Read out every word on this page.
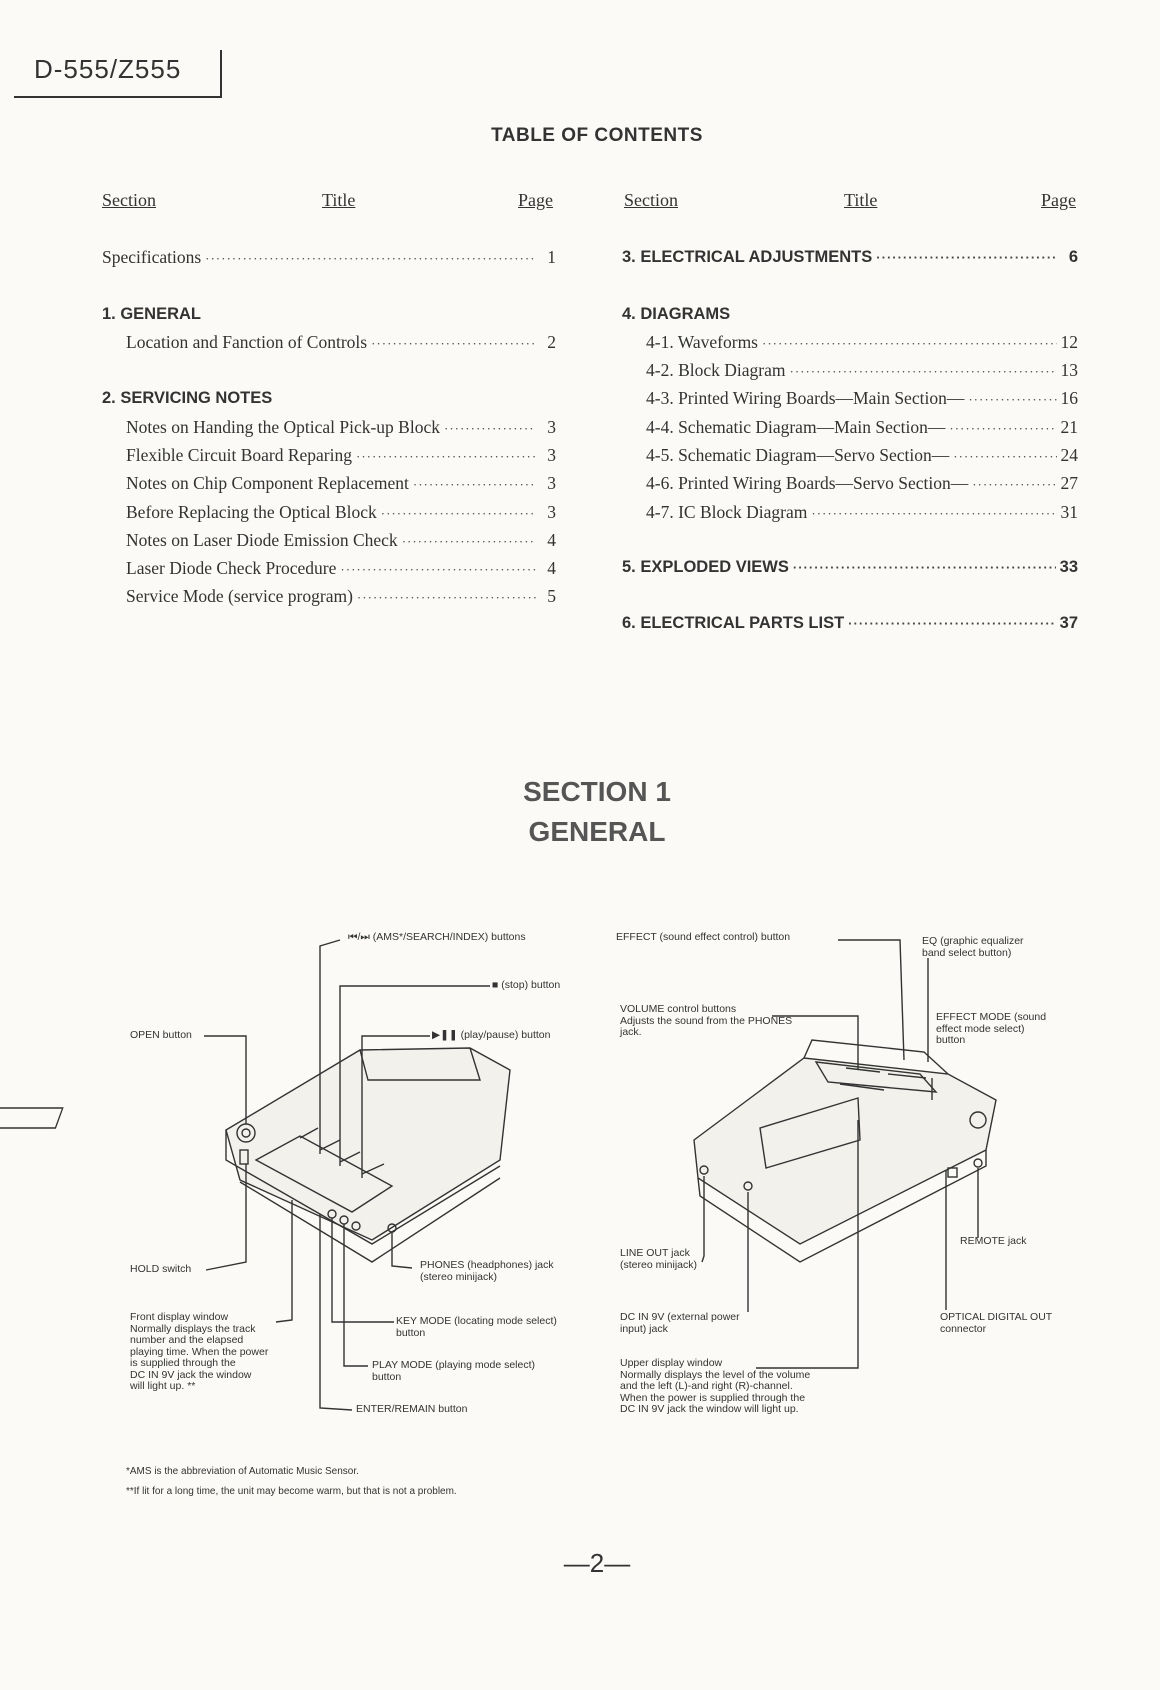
D-555/Z555
TABLE OF CONTENTS
Section	Title	Page	Section	Title	Page
Specifications ·····	1
1. GENERAL
Location and Fanction of Controls ·····	2
2. SERVICING NOTES
Notes on Handing the Optical Pick-up Block ·····	3
Flexible Circuit Board Reparing ·····	3
Notes on Chip Component Replacement ·····	3
Before Replacing the Optical Block ·····	3
Notes on Laser Diode Emission Check ·····	4
Laser Diode Check Procedure ·····	4
Service Mode (service program) ·····	5
3. ELECTRICAL ADJUSTMENTS ·····	6
4. DIAGRAMS
4-1. Waveforms ·····	12
4-2. Block Diagram ·····	13
4-3. Printed Wiring Boards—Main Section— ·····	16
4-4. Schematic Diagram—Main Section— ·····	21
4-5. Schematic Diagram—Servo Section— ·····	24
4-6. Printed Wiring Boards—Servo Section— ·····	27
4-7. IC Block Diagram ·····	31
5. EXPLODED VIEWS ·····	33
6. ELECTRICAL PARTS LIST ·····	37
SECTION 1
GENERAL
⏮/⏭ (AMS*/SEARCH/INDEX) buttons
■ (stop) button
▶❚❚ (play/pause) button
OPEN button
HOLD switch	PHONES (headphones) jack
(stereo minijack)
Front display window
Normally displays the track
number and the elapsed
playing time. When the power
is supplied through the
DC IN 9V jack the window
will light up. **
KEY MODE (locating mode select)
button
PLAY MODE (playing mode select)
button
ENTER/REMAIN button
EFFECT (sound effect control) button	EQ (graphic equalizer
band select button)
VOLUME control buttons
Adjusts the sound from the PHONES
jack.
EFFECT MODE (sound
effect mode select)
button
REMOTE jack
LINE OUT jack
(stereo minijack)
DC IN 9V (external power
input) jack
OPTICAL DIGITAL OUT
connector
Upper display window
Normally displays the level of the volume
and the left (L)-and right (R)-channel.
When the power is supplied through the
DC IN 9V jack the window will light up.
*AMS is the abbreviation of Automatic Music Sensor.
**If lit for a long time, the unit may become warm, but that is not a problem.
—2—
